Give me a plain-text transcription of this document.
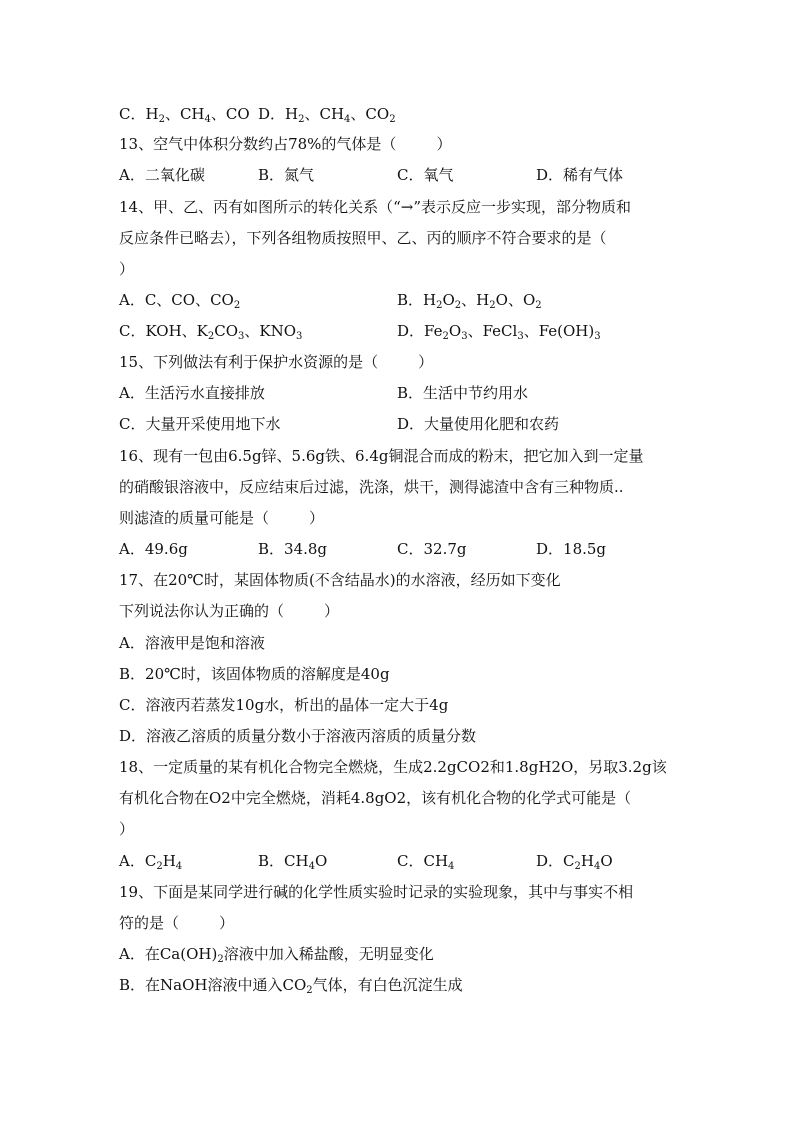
C．$H_2$、$CH_4$、CO D．$H_2$、$CH_4$、$CO_2$
13、空气中体积分数约占78%的气体是（	）
A．二氧化碳	B．氮气	C．氧气	D．稀有气体
14、甲、乙、丙有如图所示的转化关系（“→”表示反应一步实现，部分物质和
反应条件已略去），下列各组物质按照甲、乙、丙的顺序不符合要求的是（
）
A．C、CO、$CO_2$	B．$H_2O_2$、$H_2O$、$O_2$
C．KOH、$K_2CO_3$、$KNO_3$	D．$Fe_2O_3$、FeCl$_3$、$Fe(OH)_3$
15、下列做法有利于保护水资源的是（	）
A．生活污水直接排放	B．生活中节约用水
C．大量开采使用地下水	D．大量使用化肥和农药
16、现有一包由6.5g锌、5.6g铁、6.4g铜混合而成的粉末，把它加入到一定量
的硝酸银溶液中，反应结束后过滤，洗涤，烘干，测得滤渣中含有三种物质..
则滤渣的质量可能是（	）
A．49.6g	B．34.8g	C．32.7g	D．18.5g
17、在20℃时，某固体物质(不含结晶水)的水溶液，经历如下变化
下列说法你认为正确的（	）
A．溶液甲是饱和溶液
B．20℃时，该固体物质的溶解度是40g
C．溶液丙若蒸发10g水，析出的晶体一定大于4g
D．溶液乙溶质的质量分数小于溶液丙溶质的质量分数
18、一定质量的某有机化合物完全燃烧，生成2.2gCO2和1.8gH2O，另取3.2g该
有机化合物在O2中完全燃烧，消耗4.8gO2，该有机化合物的化学式可能是（
）
A．$C_2H_4$	B．$CH_4O$	C．$CH_4$	D．$C_2H_4O$
19、下面是某同学进行碱的化学性质实验时记录的实验现象，其中与事实不相
符的是（	）
A．在$Ca(OH)_2$溶液中加入稀盐酸，无明显变化
B．在NaOH溶液中通入$CO_2$气体，有白色沉淀生成
